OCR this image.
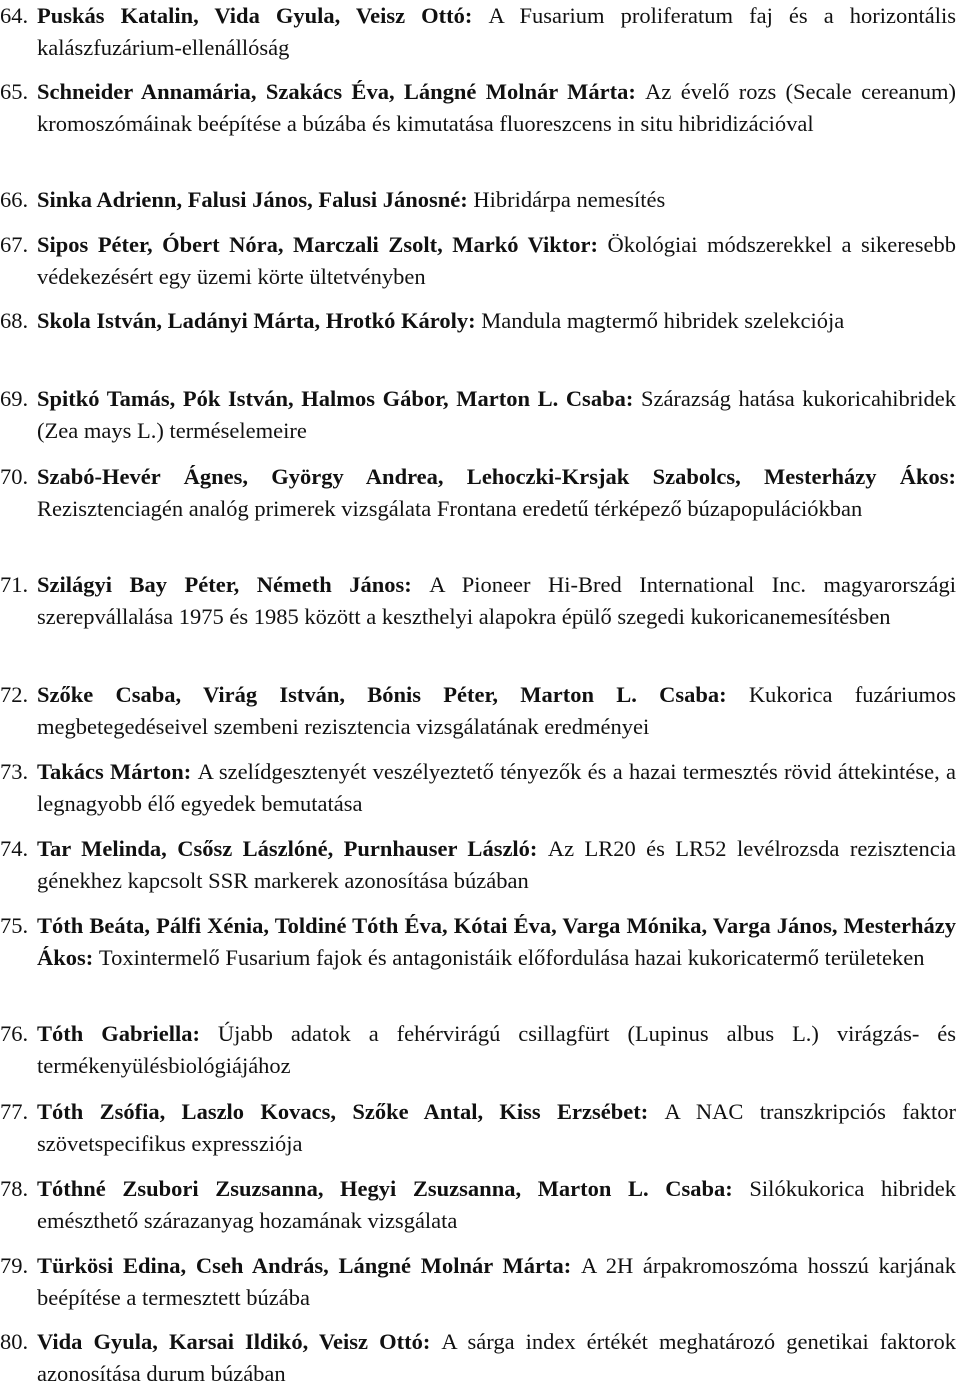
64. Puskás Katalin, Vida Gyula, Veisz Ottó: A Fusarium proliferatum faj és a horizontális kalászfuzárium-ellenállóság
65. Schneider Annamária, Szakács Éva, Lángné Molnár Márta: Az évelő rozs (Secale cereanum) kromoszómáinak beépítése a búzába és kimutatása fluoreszcens in situ hibridizációval
66. Sinka Adrienn, Falusi János, Falusi Jánosné: Hibridárpa nemesítés
67. Sipos Péter, Óbert Nóra, Marczali Zsolt, Markó Viktor: Ökológiai módszerekkel a sikeresebb védekezésért egy üzemi körte ültetvényben
68. Skola István, Ladányi Márta, Hrotkó Károly: Mandula magtermő hibridek szelekciója
69. Spitkó Tamás, Pók István, Halmos Gábor, Marton L. Csaba: Szárazság hatása kukoricahibridek (Zea mays L.) terméselemeire
70. Szabó-Hevér Ágnes, György Andrea, Lehoczki-Krsjak Szabolcs, Mesterházy Ákos: Rezisztenciagén analóg primerek vizsgálata Frontana eredetű térképező búzapopulációkban
71. Szilágyi Bay Péter, Németh János: A Pioneer Hi-Bred International Inc. magyarországi szerepvállalása 1975 és 1985 között a keszthelyi alapokra épülő szegedi kukoricanemesítésben
72. Szőke Csaba, Virág István, Bónis Péter, Marton L. Csaba: Kukorica fuzáriumos megbetegedéseivel szembeni rezisztencia vizsgálatának eredményei
73. Takács Márton: A szelídgesztenyét veszélyeztető tényezők és a hazai termesztés rövid áttekintése, a legnagyobb élő egyedek bemutatása
74. Tar Melinda, Csősz Lászlóné, Purnhauser László: Az LR20 és LR52 levélrozsda rezisztencia génekhez kapcsolt SSR markerek azonosítása búzában
75. Tóth Beáta, Pálfi Xénia, Toldiné Tóth Éva, Kótai Éva, Varga Mónika, Varga János, Mesterházy Ákos: Toxintermelő Fusarium fajok és antagonistáik előfordulása hazai kukoricatermő területeken
76. Tóth Gabriella: Újabb adatok a fehérvirágú csillagfürt (Lupinus albus L.) virágzás- és termékenyülésbiológiájához
77. Tóth Zsófia, Laszlo Kovacs, Szőke Antal, Kiss Erzsébet: A NAC transzkripciós faktor szövetspecifikus expressziója
78. Tóthné Zsubori Zsuzsanna, Hegyi Zsuzsanna, Marton L. Csaba: Silókukorica hibridek emészthető szárazanyag hozamának vizsgálata
79. Türkösi Edina, Cseh András, Lángné Molnár Márta: A 2H árpakromoszóma hosszú karjának beépítése a termesztett búzába
80. Vida Gyula, Karsai Ildikó, Veisz Ottó: A sárga index értékét meghatározó genetikai faktorok azonosítása durum búzában
